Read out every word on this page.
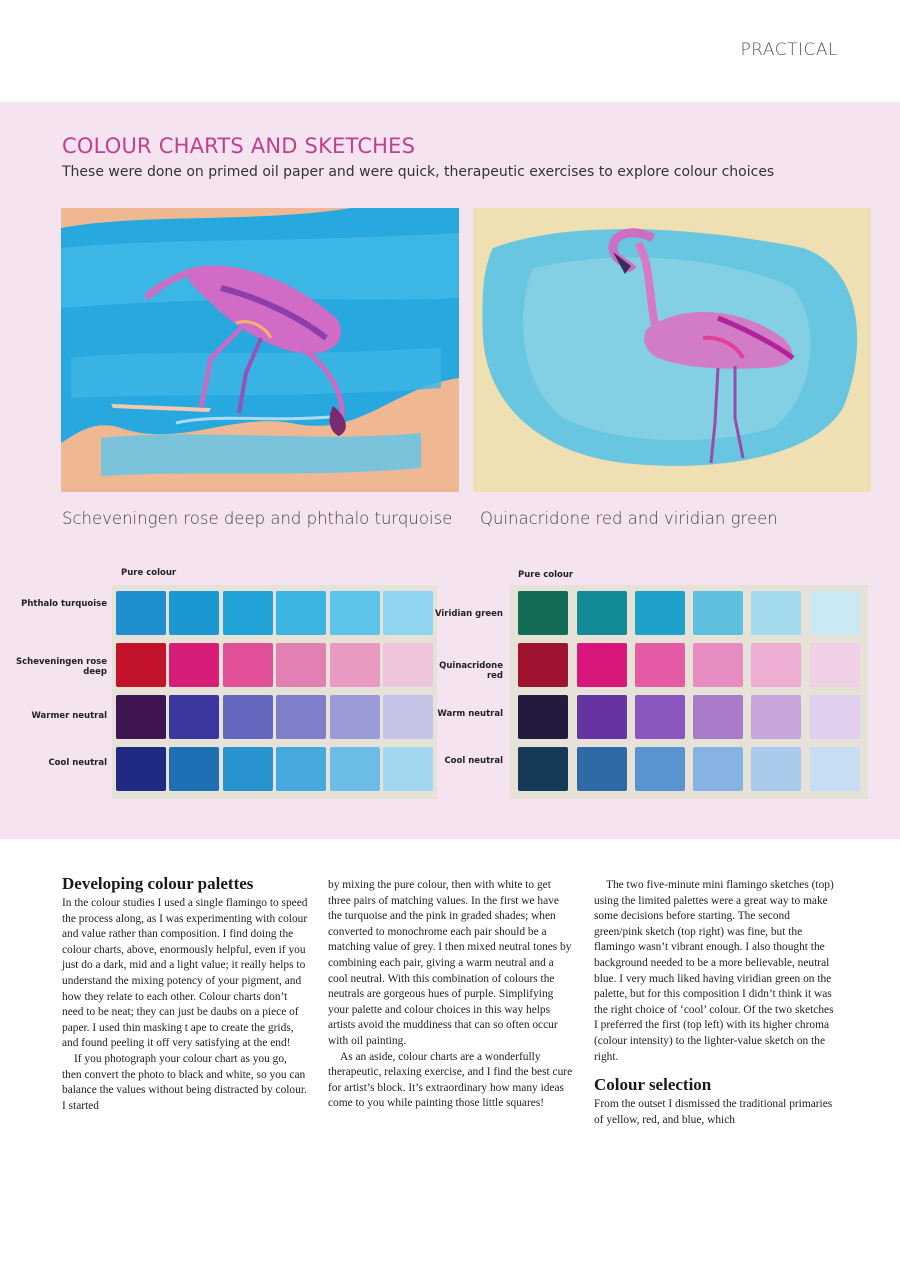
PRACTICAL
COLOUR CHARTS AND SKETCHES
These were done on primed oil paper and were quick, therapeutic exercises to explore colour choices
Scheveningen rose deep and phthalo turquoise Quinacridone red and viridian green
Pure colour
Phthalo turquoise
Scheveningen rose deep
Warmer neutral
Cool neutral
Pure colour
Viridian green
Quinacridone red
Warm neutral
Cool neutral
Developing colour palettes

In the colour studies I used a single flamingo to speed the process along, as I was experimenting with colour and value rather than composition. I find doing the colour charts, above, enormously helpful, even if you just do a dark, mid and a light value; it really helps to understand the mixing potency of your pigment, and how they relate to each other. Colour charts don’t need to be neat; they can just be daubs on a piece of paper. I used thin masking t ape to create the grids, and found peeling it off very satisfying at the end!

If you photograph your colour chart as you go, then convert the photo to black and white, so you can balance the values without being distracted by colour. I started

by mixing the pure colour, then with white to get three pairs of matching values. In the first we have the turquoise and the pink in graded shades; when converted to monochrome each pair should be a matching value of grey. I then mixed neutral tones by combining each pair, giving a warm neutral and a cool neutral. With this combination of colours the neutrals are gorgeous hues of purple. Simplifying your palette and colour choices in this way helps artists avoid the muddiness that can so often occur with oil painting.

As an aside, colour charts are a wonderfully therapeutic, relaxing exercise, and I find the best cure for artist’s block. It’s extraordinary how many ideas come to you while painting those little squares!

The two five-minute mini flamingo sketches (top) using the limited palettes were a great way to make some decisions before starting. The second green/pink sketch (top right) was fine, but the flamingo wasn’t vibrant enough. I also thought the background needed to be a more believable, neutral blue. I very much liked having viridian green on the palette, but for this composition I didn’t think it was the right choice of ‘cool’ colour. Of the two sketches I preferred the first (top left) with its higher chroma (colour intensity) to the lighter-value sketch on the right.

Colour selection

From the outset I dismissed the traditional primaries of yellow, red, and blue, which
